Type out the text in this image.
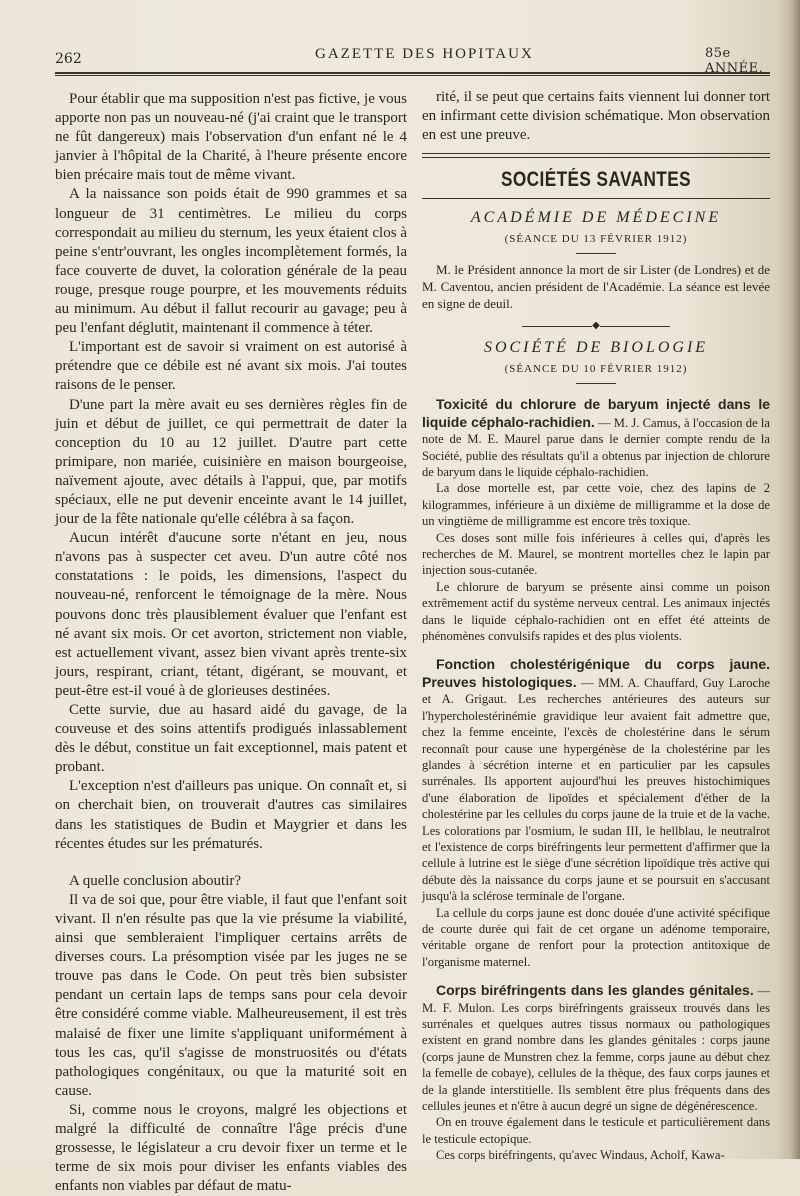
262	GAZETTE DES HOPITAUX	85e ANNÉE,

Pour établir que ma supposition n'est pas fictive, je vous apporte non pas un nouveau-né (j'ai craint que le transport ne fût dangereux) mais l'observation d'un enfant né le 4 janvier à l'hôpital de la Charité, à l'heure présente encore bien précaire mais tout de même vivant.

A la naissance son poids était de 990 grammes et sa longueur de 31 centimètres. Le milieu du corps correspondait au milieu du sternum, les yeux étaient clos à peine s'entr'ouvrant, les ongles incomplètement formés, la face couverte de duvet, la coloration générale de la peau rouge, presque rouge pourpre, et les mouvements réduits au minimum. Au début il fallut recourir au gavage; peu à peu l'enfant déglutit, maintenant il commence à téter.

L'important est de savoir si vraiment on est autorisé à prétendre que ce débile est né avant six mois. J'ai toutes raisons de le penser.

D'une part la mère avait eu ses dernières règles fin de juin et début de juillet, ce qui permettrait de dater la conception du 10 au 12 juillet. D'autre part cette primipare, non mariée, cuisinière en maison bourgeoise, naïvement ajoute, avec détails à l'appui, que, par motifs spéciaux, elle ne put devenir enceinte avant le 14 juillet, jour de la fête nationale qu'elle célébra à sa façon.

Aucun intérêt d'aucune sorte n'étant en jeu, nous n'avons pas à suspecter cet aveu. D'un autre côté nos constatations : le poids, les dimensions, l'aspect du nouveau-né, renforcent le témoignage de la mère. Nous pouvons donc très plausiblement évaluer que l'enfant est né avant six mois. Or cet avorton, strictement non viable, est actuellement vivant, assez bien vivant après trente-six jours, respirant, criant, tétant, digérant, se mouvant, et peut-être est-il voué à de glorieuses destinées.

Cette survie, due au hasard aidé du gavage, de la couveuse et des soins attentifs prodigués inlassablement dès le début, constitue un fait exceptionnel, mais patent et probant.

L'exception n'est d'ailleurs pas unique. On connaît et, si on cherchait bien, on trouverait d'autres cas similaires dans les statistiques de Budin et Maygrier et dans les récentes études sur les prématurés.

A quelle conclusion aboutir?

Il va de soi que, pour être viable, il faut que l'enfant soit vivant. Il n'en résulte pas que la vie présume la viabilité, ainsi que sembleraient l'impliquer certains arrêts de diverses cours. La présomption visée par les juges ne se trouve pas dans le Code. On peut très bien subsister pendant un certain laps de temps sans pour cela devoir être considéré comme viable. Malheureusement, il est très malaisé de fixer une limite s'appliquant uniformément à tous les cas, qu'il s'agisse de monstruosités ou d'états pathologiques congénitaux, ou que la maturité soit en cause.

Si, comme nous le croyons, malgré les objections et malgré la difficulté de connaître l'âge précis d'une grossesse, le législateur a cru devoir fixer un terme et le terme de six mois pour diviser les enfants viables des enfants non viables par défaut de matu-

rité, il se peut que certains faits viennent lui donner tort en infirmant cette division schématique. Mon observation en est une preuve.

SOCIÉTÉS SAVANTES
ACADÉMIE DE MÉDECINE
(SÉANCE DU 13 FÉVRIER 1912)

M. le Président annonce la mort de sir Lister (de Londres) et de M. Caventou, ancien président de l'Académie. La séance est levée en signe de deuil.

◆
SOCIÉTÉ DE BIOLOGIE
(SÉANCE DU 10 FÉVRIER 1912)

Toxicité du chlorure de baryum injecté dans le liquide céphalo-rachidien. — M. J. Camus, à l'occasion de la note de M. E. Maurel parue dans le dernier compte rendu de la Société, publie des résultats qu'il a obtenus par injection de chlorure de baryum dans le liquide céphalo-rachidien.

La dose mortelle est, par cette voie, chez des lapins de 2 kilogrammes, inférieure à un dixième de milligramme et la dose de un vingtième de milligramme est encore très toxique.

Ces doses sont mille fois inférieures à celles qui, d'après les recherches de M. Maurel, se montrent mortelles chez le lapin par injection sous-cutanée.

Le chlorure de baryum se présente ainsi comme un poison extrêmement actif du système nerveux central. Les animaux injectés dans le liquide céphalo-rachidien ont en effet été atteints de phénomènes convulsifs rapides et des plus violents.

Fonction cholestérigénique du corps jaune. Preuves histologiques. — MM. A. Chauffard, Guy Laroche et A. Grigaut. Les recherches antérieures des auteurs sur l'hypercholestérinémie gravidique leur avaient fait admettre que, chez la femme enceinte, l'excès de cholestérine dans le sérum reconnaît pour cause une hypergénèse de la cholestérine par les glandes à sécrétion interne et en particulier par les capsules surrénales. Ils apportent aujourd'hui les preuves histochimiques d'une élaboration de lipoïdes et spécialement d'éther de la cholestérine par les cellules du corps jaune de la truie et de la vache. Les colorations par l'osmium, le sudan III, le hellblau, le neutralrot et l'existence de corps biréfringents leur permettent d'affirmer que la cellule à lutrine est le siège d'une sécrétion lipoïdique très active qui débute dès la naissance du corps jaune et se poursuit en s'accusant jusqu'à la sclérose terminale de l'organe.

La cellule du corps jaune est donc douée d'une activité spécifique de courte durée qui fait de cet organe un adénome temporaire, véritable organe de renfort pour la protection antitoxique de l'organisme maternel.

Corps biréfringents dans les glandes génitales. — M. F. Mulon. Les corps biréfringents graisseux trouvés dans les surrénales et quelques autres tissus normaux ou pathologiques existent en grand nombre dans les glandes génitales : corps jaune (corps jaune de Munstren chez la femme, corps jaune au début chez la femelle de cobaye), cellules de la thèque, des faux corps jaunes et de la glande interstitielle. Ils semblent être plus fréquents dans des cellules jeunes et n'être à aucun degré un signe de dégénérescence.

On en trouve également dans le testicule et particulièrement dans le testicule ectopique.

Ces corps biréfringents, qu'avec Windaus, Acholf, Kawa-
